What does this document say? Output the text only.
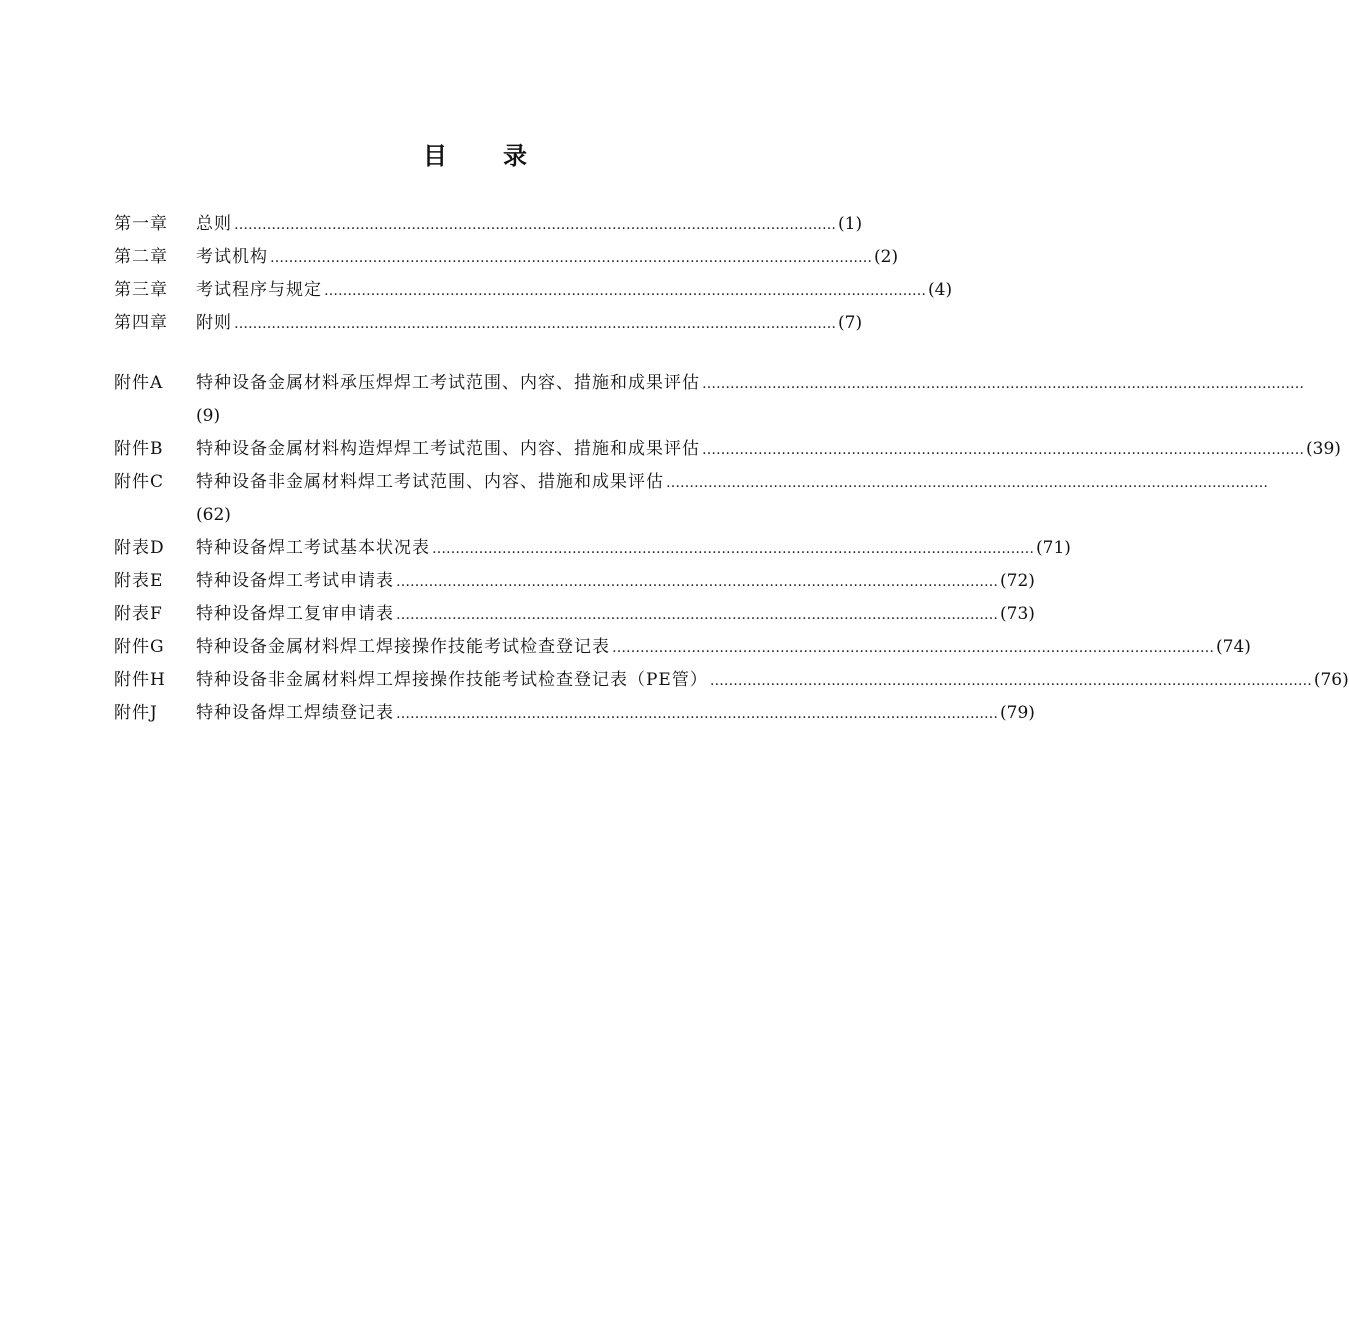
目 录
第一章	总则 ………………………………………………………………………………………………………………… (1)
第二章	考试机构 ………………………………………………………………………………………………………………… (2)
第三章	考试程序与规定 ………………………………………………………………………………………………………………… (4)
第四章	附则 ………………………………………………………………………………………………………………… (7)
附件A	特种设备金属材料承压焊焊工考试范围、内容、措施和成果评估 …………………………………………………………………………………………………………………
(9)
附件B	特种设备金属材料构造焊焊工考试范围、内容、措施和成果评估 ………………………………………………………………………………………………………………… (39)
附件C	特种设备非金属材料焊工考试范围、内容、措施和成果评估 …………………………………………………………………………………………………………………
(62)
附表D	特种设备焊工考试基本状况表 ………………………………………………………………………………………………………………… (71)
附表E	特种设备焊工考试申请表 ………………………………………………………………………………………………………………… (72)
附表F	特种设备焊工复审申请表 ………………………………………………………………………………………………………………… (73)
附件G	特种设备金属材料焊工焊接操作技能考试检查登记表 ………………………………………………………………………………………………………………… (74)
附件H	特种设备非金属材料焊工焊接操作技能考试检查登记表（PE管） ………………………………………………………………………………………………………………… (76)
附件J	特种设备焊工焊绩登记表 ………………………………………………………………………………………………………………… (79)
